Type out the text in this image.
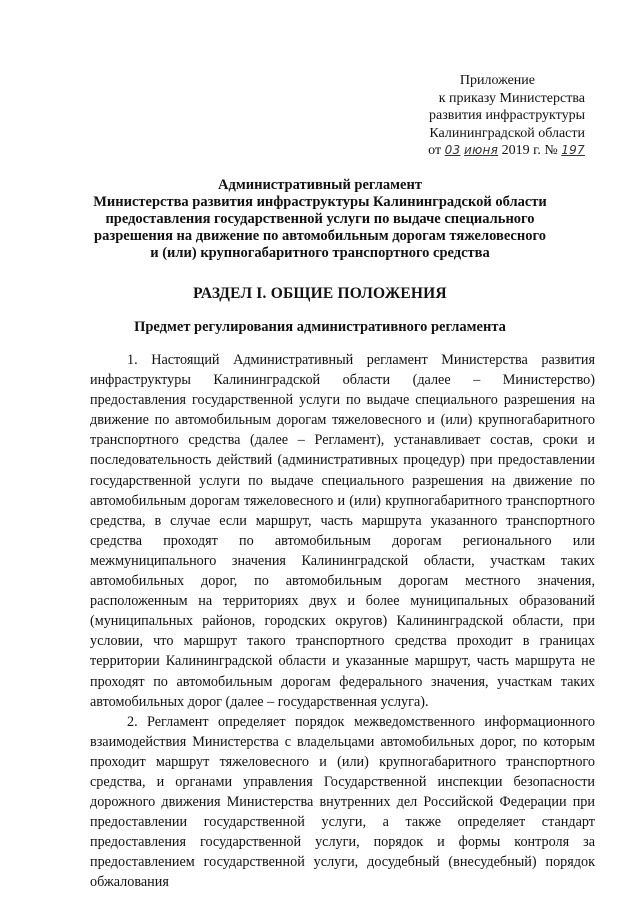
Приложение
к приказу Министерства
развития инфраструктуры
Калининградской области
от 03 июня 2019 г. № 197
Административный регламент
Министерства развития инфраструктуры Калининградской области
предоставления государственной услуги по выдаче специального
разрешения на движение по автомобильным дорогам тяжеловесного
и (или) крупногабаритного транспортного средства
РАЗДЕЛ I. ОБЩИЕ ПОЛОЖЕНИЯ
Предмет регулирования административного регламента

1. Настоящий Административный регламент Министерства развития инфраструктуры Калининградской области (далее – Министерство) предоставления государственной услуги по выдаче специального разрешения на движение по автомобильным дорогам тяжеловесного и (или) крупногабаритного транспортного средства (далее – Регламент), устанавливает состав, сроки и последовательность действий (административных процедур) при предоставлении государственной услуги по выдаче специального разрешения на движение по автомобильным дорогам тяжеловесного и (или) крупногабаритного транспортного средства, в случае если маршрут, часть маршрута указанного транспортного средства проходят по автомобильным дорогам регионального или межмуниципального значения Калининградской области, участкам таких автомобильных дорог, по автомобильным дорогам местного значения, расположенным на территориях двух и более муниципальных образований (муниципальных районов, городских округов) Калининградской области, при условии, что маршрут такого транспортного средства проходит в границах территории Калининградской области и указанные маршрут, часть маршрута не проходят по автомобильным дорогам федерального значения, участкам таких автомобильных дорог (далее – государственная услуга).

2. Регламент определяет порядок межведомственного информационного взаимодействия Министерства с владельцами автомобильных дорог, по которым проходит маршрут тяжеловесного и (или) крупногабаритного транспортного средства, и органами управления Государственной инспекции безопасности дорожного движения Министерства внутренних дел Российской Федерации при предоставлении государственной услуги, а также определяет стандарт предоставления государственной услуги, порядок и формы контроля за предоставлением государственной услуги, досудебный (внесудебный) порядок обжалования
